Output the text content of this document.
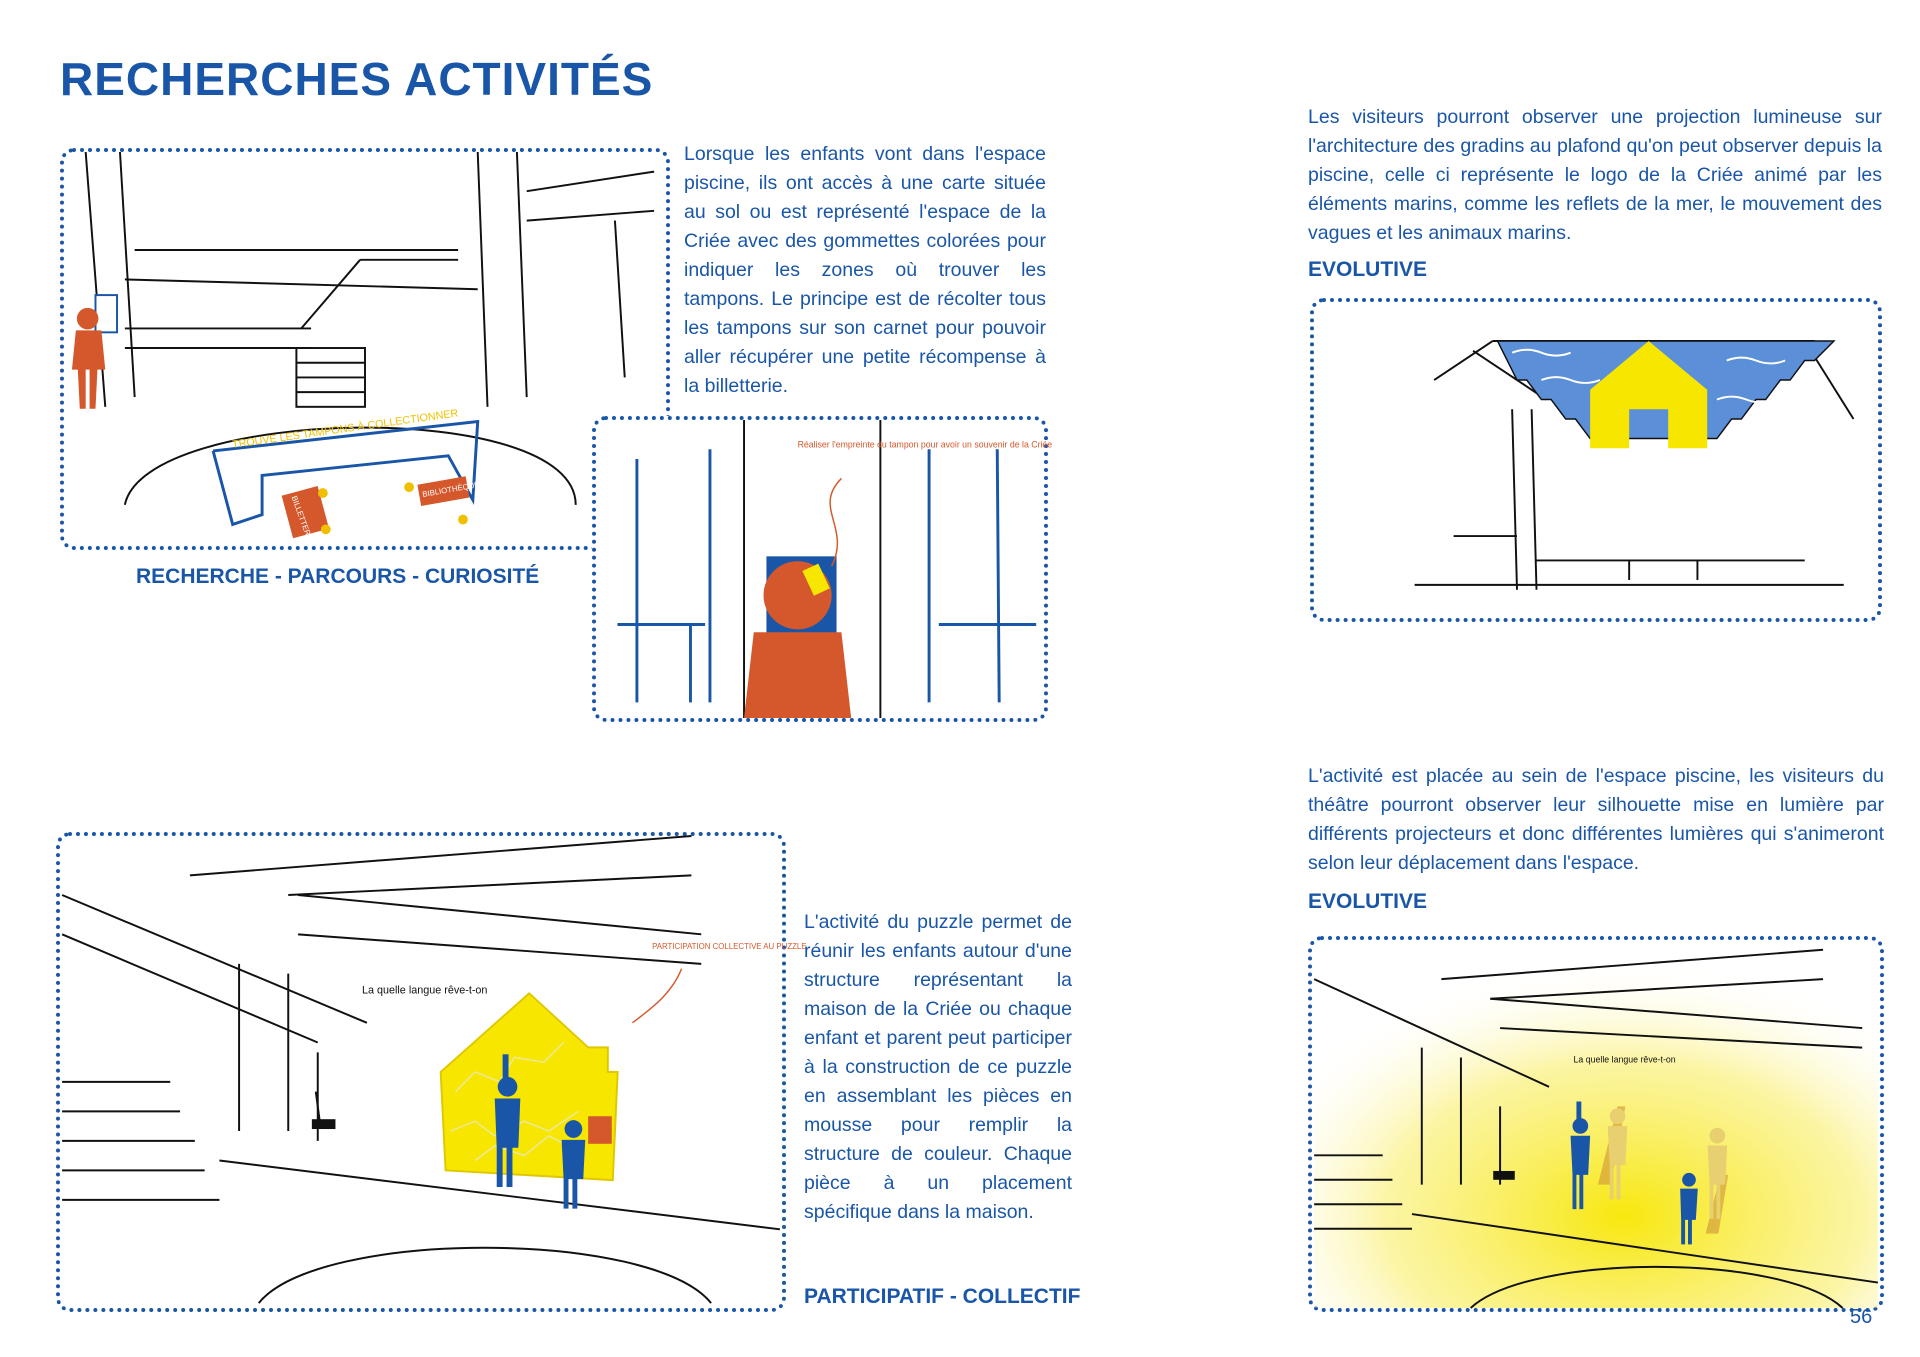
RECHERCHES ACTIVITÉS
TROUVE LES TAMPONS À COLLECTIONNER
BILLETTERIE
BIBLIOTHÈQUE
Lorsque les enfants vont dans l'espace piscine, ils ont accès à une carte située au sol ou est représenté l'espace de la Criée avec des gommettes colorées pour indiquer les zones où trouver les tampons. Le principe est de récolter tous les tampons sur son carnet pour pouvoir aller récupérer une petite récompense à la billetterie.
RECHERCHE - PARCOURS - CURIOSITÉ
Réaliser l'empreinte du tampon pour avoir un souvenir de la Criée
Les visiteurs pourront observer une projection lumineuse sur l'architecture des gradins au plafond qu'on peut observer depuis la piscine, celle ci représente le logo de la Criée animé par les éléments marins, comme les reflets de la mer, le mouvement des vagues et les animaux marins.
EVOLUTIVE
La quelle langue rêve-t-on
PARTICIPATION COLLECTIVE AU PUZZLE
L'activité du puzzle permet de réunir les enfants autour d'une structure représentant la maison de la Criée ou chaque enfant et parent peut participer à la construction de ce puzzle en assemblant les pièces en mousse pour remplir la structure de couleur. Chaque pièce à un placement spécifique dans la maison.
PARTICIPATIF - COLLECTIF
L'activité est placée au sein de l'espace piscine, les visiteurs du théâtre pourront observer leur silhouette mise en lumière par différents projecteurs et donc différentes lumières qui s'animeront selon leur déplacement dans l'espace.
EVOLUTIVE
La quelle langue rêve-t-on
56
